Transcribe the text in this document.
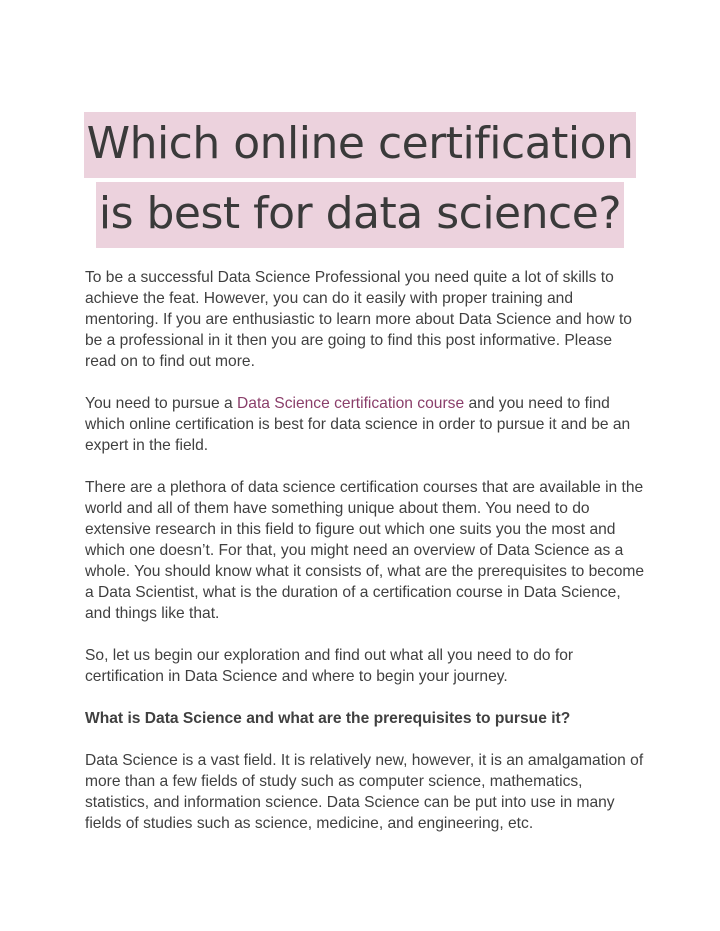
Which online certification
is best for data science?

To be a successful Data Science Professional you need quite a lot of skills to achieve the feat. However, you can do it easily with proper training and mentoring. If you are enthusiastic to learn more about Data Science and how to be a professional in it then you are going to find this post informative. Please read on to find out more.

You need to pursue a Data Science certification course and you need to find which online certification is best for data science in order to pursue it and be an expert in the field.

There are a plethora of data science certification courses that are available in the world and all of them have something unique about them. You need to do extensive research in this field to figure out which one suits you the most and which one doesn’t. For that, you might need an overview of Data Science as a whole. You should know what it consists of, what are the prerequisites to become a Data Scientist, what is the duration of a certification course in Data Science, and things like that.

So, let us begin our exploration and find out what all you need to do for certification in Data Science and where to begin your journey.

What is Data Science and what are the prerequisites to pursue it?

Data Science is a vast field. It is relatively new, however, it is an amalgamation of more than a few fields of study such as computer science, mathematics, statistics, and information science. Data Science can be put into use in many fields of studies such as science, medicine, and engineering, etc.
